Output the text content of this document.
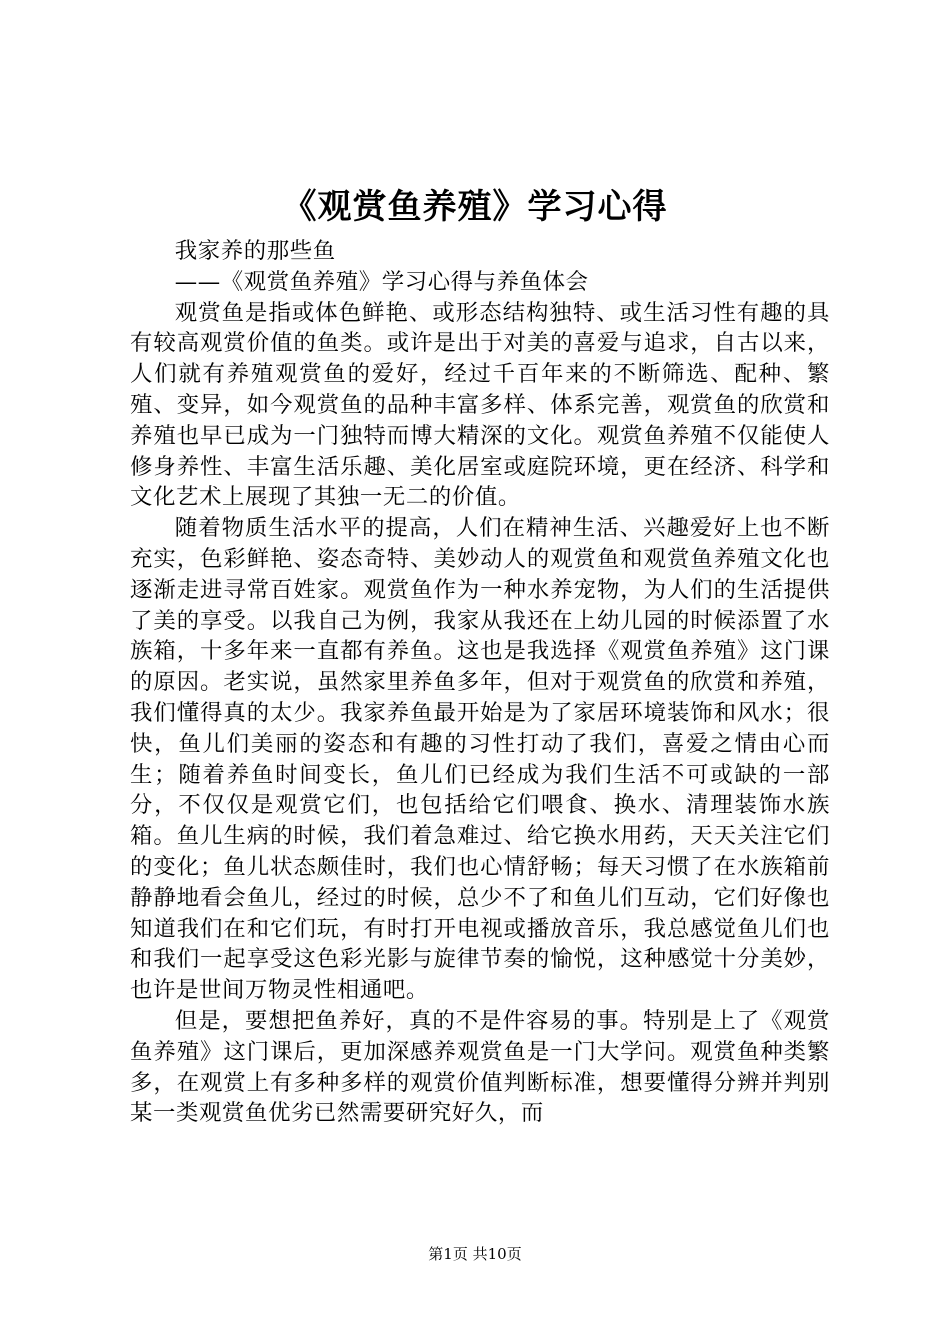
《观赏鱼养殖》学习心得

我家养的那些鱼

——《观赏鱼养殖》学习心得与养鱼体会

观赏鱼是指或体色鲜艳、或形态结构独特、或生活习性有趣的具有较高观赏价值的鱼类。或许是出于对美的喜爱与追求，自古以来，人们就有养殖观赏鱼的爱好，经过千百年来的不断筛选、配种、繁殖、变异，如今观赏鱼的品种丰富多样、体系完善，观赏鱼的欣赏和养殖也早已成为一门独特而博大精深的文化。观赏鱼养殖不仅能使人修身养性、丰富生活乐趣、美化居室或庭院环境，更在经济、科学和文化艺术上展现了其独一无二的价值。

随着物质生活水平的提高，人们在精神生活、兴趣爱好上也不断充实，色彩鲜艳、姿态奇特、美妙动人的观赏鱼和观赏鱼养殖文化也逐渐走进寻常百姓家。观赏鱼作为一种水养宠物，为人们的生活提供了美的享受。以我自己为例，我家从我还在上幼儿园的时候添置了水族箱，十多年来一直都有养鱼。这也是我选择《观赏鱼养殖》这门课的原因。老实说，虽然家里养鱼多年，但对于观赏鱼的欣赏和养殖，我们懂得真的太少。我家养鱼最开始是为了家居环境装饰和风水；很快，鱼儿们美丽的姿态和有趣的习性打动了我们，喜爱之情由心而生；随着养鱼时间变长，鱼儿们已经成为我们生活不可或缺的一部分，不仅仅是观赏它们，也包括给它们喂食、换水、清理装饰水族箱。鱼儿生病的时候，我们着急难过、给它换水用药，天天关注它们的变化；鱼儿状态颇佳时，我们也心情舒畅；每天习惯了在水族箱前静静地看会鱼儿，经过的时候，总少不了和鱼儿们互动，它们好像也知道我们在和它们玩，有时打开电视或播放音乐，我总感觉鱼儿们也和我们一起享受这色彩光影与旋律节奏的愉悦，这种感觉十分美妙，也许是世间万物灵性相通吧。

但是，要想把鱼养好，真的不是件容易的事。特别是上了《观赏鱼养殖》这门课后，更加深感养观赏鱼是一门大学问。观赏鱼种类繁多，在观赏上有多种多样的观赏价值判断标准，想要懂得分辨并判别某一类观赏鱼优劣已然需要研究好久，而

第1页 共10页
